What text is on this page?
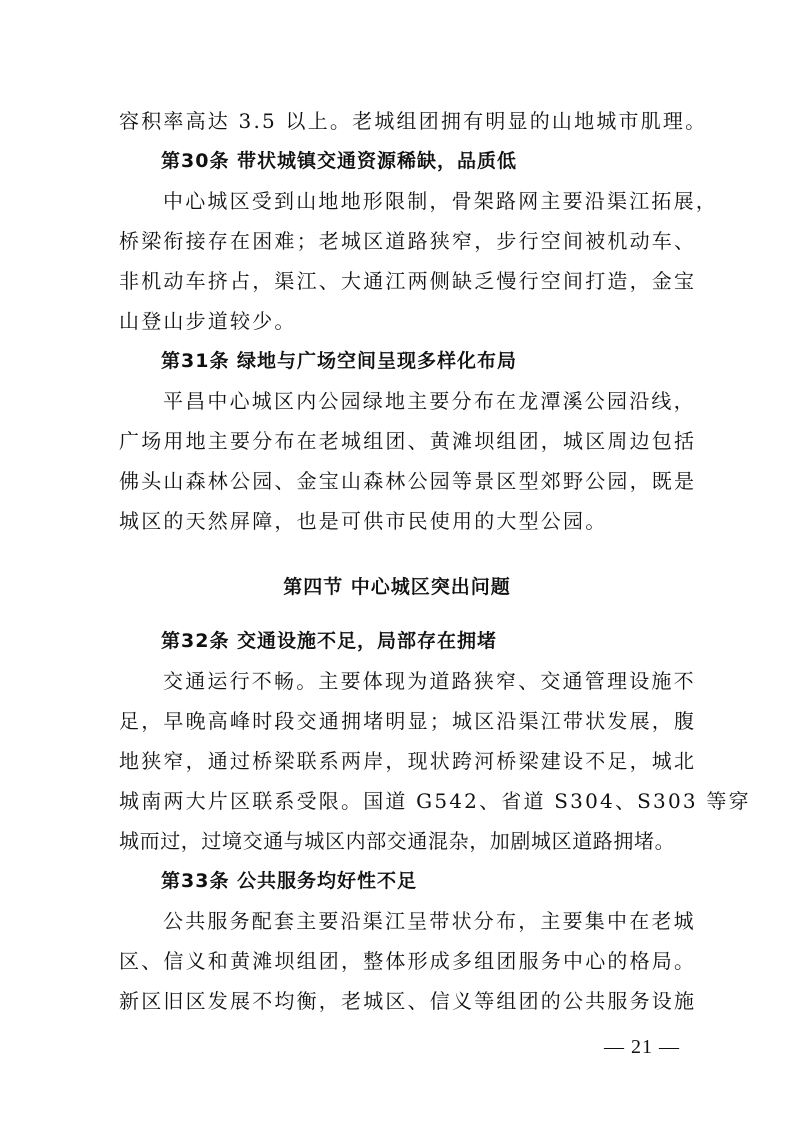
容积率高达 3.5 以上。老城组团拥有明显的山地城市肌理。
第30条 带状城镇交通资源稀缺，品质低
中心城区受到山地地形限制，骨架路网主要沿渠江拓展，
桥梁衔接存在困难；老城区道路狭窄，步行空间被机动车、
非机动车挤占，渠江、大通江两侧缺乏慢行空间打造，金宝
山登山步道较少。
第31条 绿地与广场空间呈现多样化布局
平昌中心城区内公园绿地主要分布在龙潭溪公园沿线，
广场用地主要分布在老城组团、黄滩坝组团，城区周边包括
佛头山森林公园、金宝山森林公园等景区型郊野公园，既是
城区的天然屏障，也是可供市民使用的大型公园。
第四节 中心城区突出问题
第32条 交通设施不足，局部存在拥堵
交通运行不畅。主要体现为道路狭窄、交通管理设施不
足，早晚高峰时段交通拥堵明显；城区沿渠江带状发展，腹
地狭窄，通过桥梁联系两岸，现状跨河桥梁建设不足，城北
城南两大片区联系受限。国道 G542、省道 S304、S303 等穿
城而过，过境交通与城区内部交通混杂，加剧城区道路拥堵。
第33条 公共服务均好性不足
公共服务配套主要沿渠江呈带状分布，主要集中在老城
区、信义和黄滩坝组团，整体形成多组团服务中心的格局。
新区旧区发展不均衡，老城区、信义等组团的公共服务设施
— 21 —
